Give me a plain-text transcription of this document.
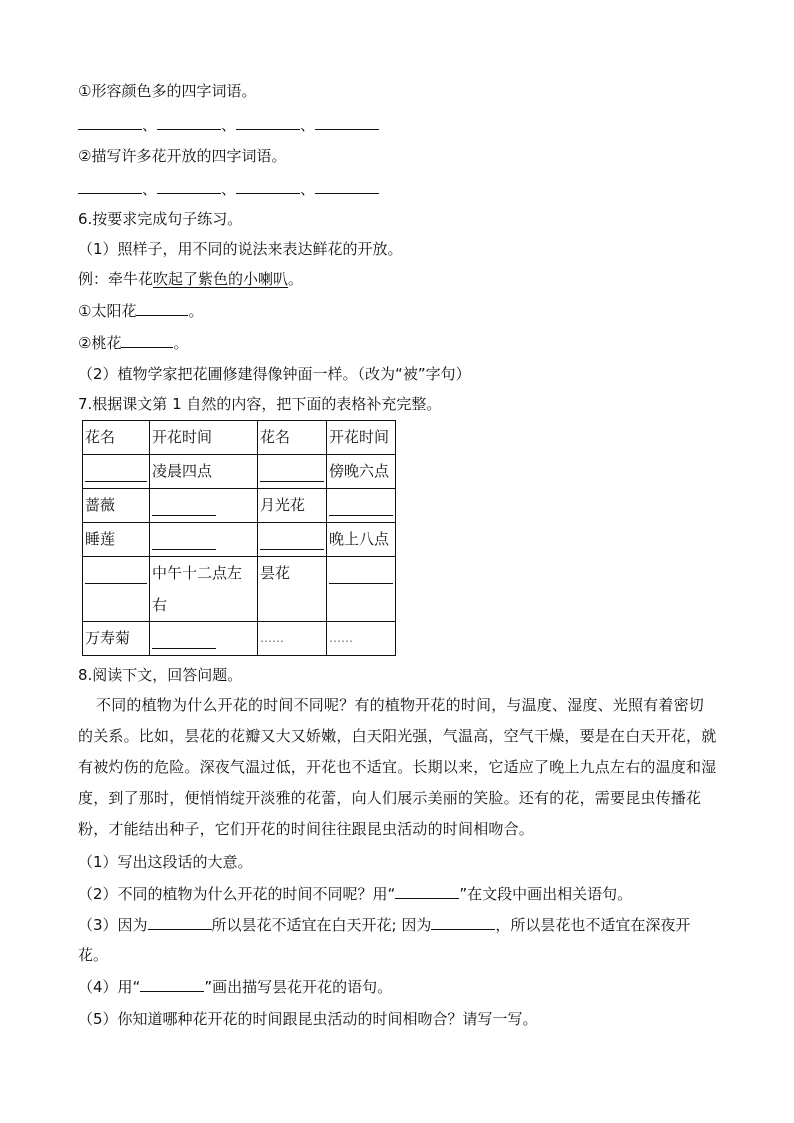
①形容颜色多的四字词语。
、	、	、
②描写许多花开放的四字词语。
、	、	、
6.按要求完成句子练习。
（1）照样子，用不同的说法来表达鲜花的开放。
例：牵牛花吹起了紫色的小喇叭。
①太阳花	。
②桃花	。
（2）植物学家把花圃修建得像钟面一样。（改为“被”字句）
7.根据课文第 1 自然的内容，把下面的表格补充完整。
花名	开花时间	花名	开花时间
	凌晨四点		傍晚六点
蔷薇		月光花	
睡莲			晚上八点
	中午十二点左右	昙花	
万寿菊		……	……
8.阅读下文，回答问题。
不同的植物为什么开花的时间不同呢？有的植物开花的时间，与温度、湿度、光照有着密切的关系。比如，昙花的花瓣又大又娇嫩，白天阳光强，气温高，空气干燥，要是在白天开花，就有被灼伤的危险。深夜气温过低，开花也不适宜。长期以来，它适应了晚上九点左右的温度和湿度，到了那时，便悄悄绽开淡雅的花蕾，向人们展示美丽的笑脸。还有的花，需要昆虫传播花粉，才能结出种子，它们开花的时间往往跟昆虫活动的时间相吻合。
（1）写出这段话的大意。
（2）不同的植物为什么开花的时间不同呢？用“	”在文段中画出相关语句。
（3）因为	所以昙花不适宜在白天开花; 因为	，所以昙花也不适宜在深夜开
花。
（4）用“	”画出描写昙花开花的语句。
（5）你知道哪种花开花的时间跟昆虫活动的时间相吻合？请写一写。
